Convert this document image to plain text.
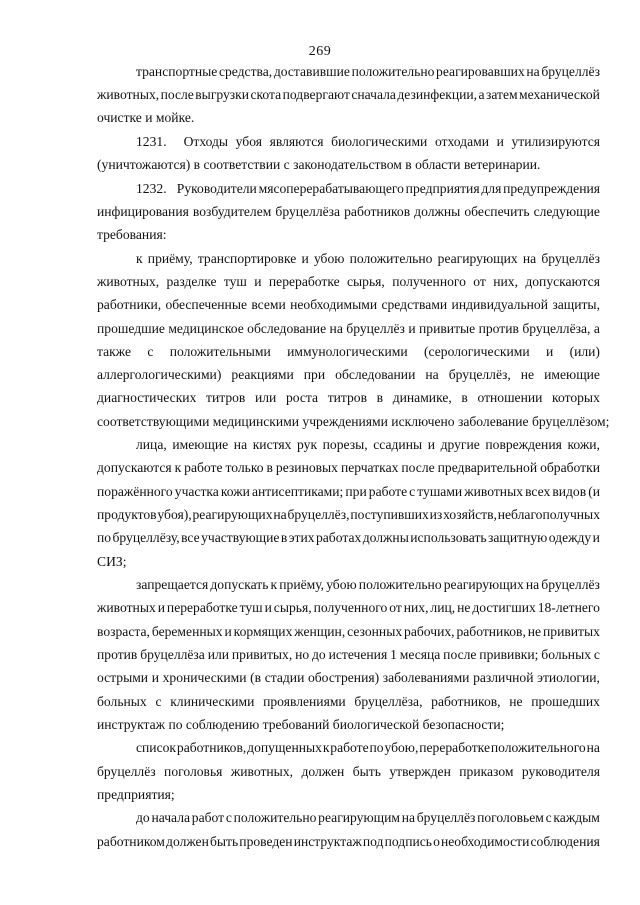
269
транспортные средства, доставившие положительно реагировавших на бруцеллёз
животных, после выгрузки скота подвергают сначала дезинфекции, а затем механической
очистке и мойке.
1231.     Отходы убоя являются биологическими отходами и утилизируются
(уничтожаются) в соответствии с законодательством в области ветеринарии.
1232.   Руководители мясоперерабатывающего предприятия для предупреждения
инфицирования возбудителем бруцеллёза работников должны обеспечить следующие
требования:
к приёму, транспортировке и убою положительно реагирующих на бруцеллёз
животных, разделке туш и переработке сырья, полученного от них, допускаются
работники, обеспеченные всеми необходимыми средствами индивидуальной защиты,
прошедшие медицинское обследование на бруцеллёз и привитые против бруцеллёза, а
также с положительными иммунологическими (серологическими и (или)
аллергологическими) реакциями при обследовании на бруцеллёз, не имеющие
диагностических титров или роста титров в динамике, в отношении которых
соответствующими медицинскими учреждениями исключено заболевание бруцеллёзом;
лица, имеющие на кистях рук порезы, ссадины и другие повреждения кожи,
допускаются к работе только в резиновых перчатках после предварительной обработки
поражённого участка кожи антисептиками; при работе с тушами животных всех видов (и
продуктов убоя), реагирующих на бруцеллёз, поступивших из хозяйств, неблагополучных
по бруцеллёзу, все участвующие в этих работах должны использовать защитную одежду и
СИЗ;
запрещается допускать к приёму, убою положительно реагирующих на бруцеллёз
животных и переработке туш и сырья, полученного от них, лиц, не достигших 18-летнего
возраста, беременных и кормящих женщин, сезонных рабочих, работников, не привитых
против бруцеллёза или привитых, но до истечения 1 месяца после прививки; больных с
острыми и хроническими (в стадии обострения) заболеваниями различной этиологии,
больных с клиническими проявлениями бруцеллёза, работников, не прошедших
инструктаж по соблюдению требований биологической безопасности;
список работников, допущенных к работе по убою, переработке положительного на
бруцеллёз поголовья животных, должен быть утвержден приказом руководителя
предприятия;
до начала работ с положительно реагирующим на бруцеллёз поголовьем с каждым
работником должен быть проведен инструктаж под подпись о необходимости соблюдения
